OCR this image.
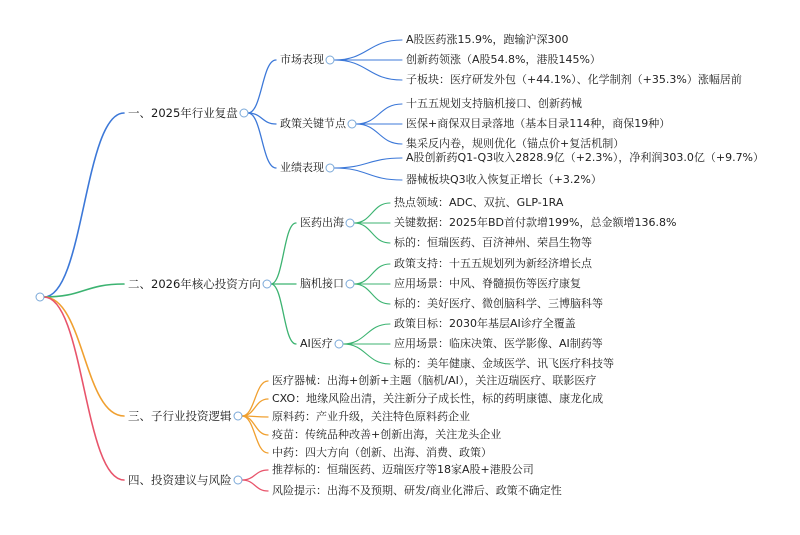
一、2025年行业复盘
市场表现
A股医药涨15.9%，跑输沪深300
创新药领涨（A股54.8%，港股145%）
子板块：医疗研发外包（+44.1%）、化学制剂（+35.3%）涨幅居前
政策关键节点
十五五规划支持脑机接口、创新药械
医保+商保双目录落地（基本目录114种，商保19种）
集采反内卷，规则优化（锚点价+复活机制）
业绩表现
A股创新药Q1-Q3收入2828.9亿（+2.3%），净利润303.0亿（+9.7%）
器械板块Q3收入恢复正增长（+3.2%）
二、2026年核心投资方向
医药出海
热点领域：ADC、双抗、GLP-1RA
关键数据：2025年BD首付款增199%，总金额增136.8%
标的：恒瑞医药、百济神州、荣昌生物等
脑机接口
政策支持：十五五规划列为新经济增长点
应用场景：中风、脊髓损伤等医疗康复
标的：美好医疗、微创脑科学、三博脑科等
AI医疗
政策目标：2030年基层AI诊疗全覆盖
应用场景：临床决策、医学影像、AI制药等
标的：美年健康、金域医学、讯飞医疗科技等
三、子行业投资逻辑
医疗器械：出海+创新+主题（脑机/AI），关注迈瑞医疗、联影医疗
CXO：地缘风险出清，关注新分子成长性，标的药明康德、康龙化成
原料药：产业升级，关注特色原料药企业
疫苗：传统品种改善+创新出海，关注龙头企业
中药：四大方向（创新、出海、消费、政策）
四、投资建议与风险
推荐标的：恒瑞医药、迈瑞医疗等18家A股+港股公司
风险提示：出海不及预期、研发/商业化滞后、政策不确定性
